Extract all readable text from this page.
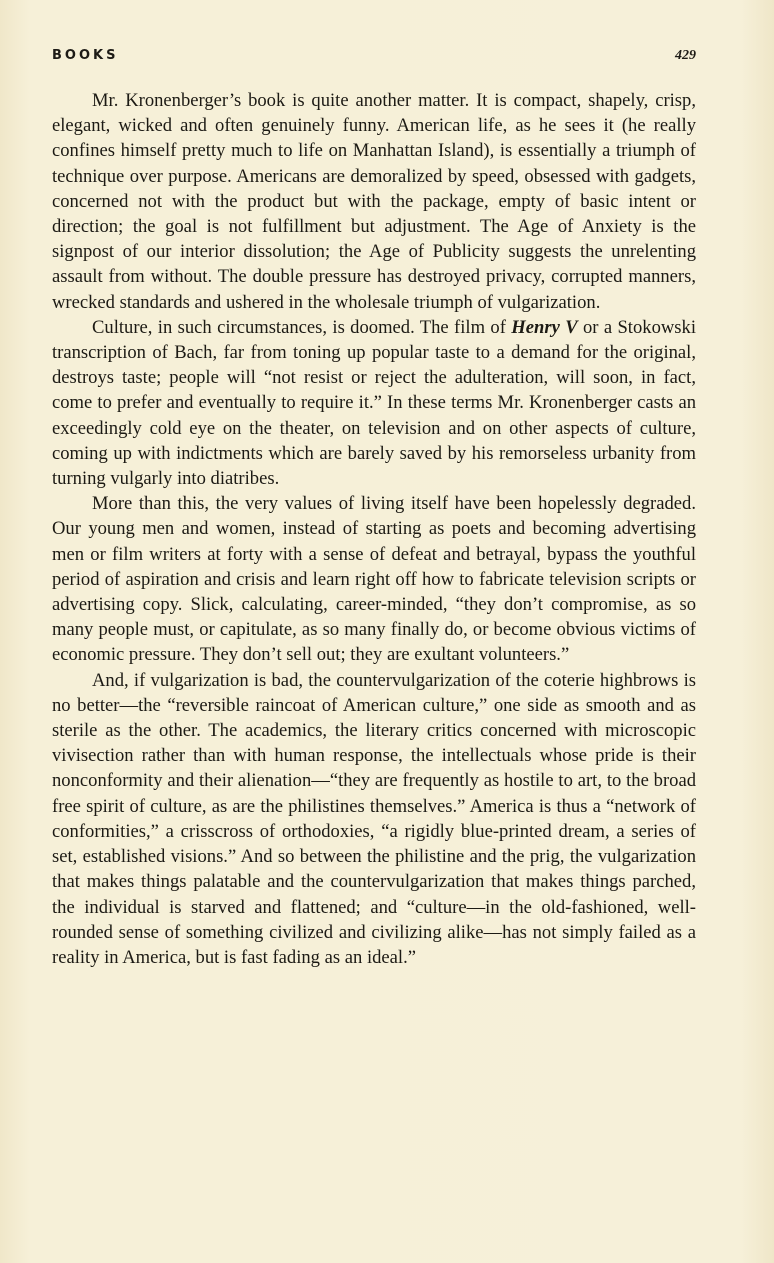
BOOKS	429

Mr. Kronenberger’s book is quite another matter. It is compact, shapely, crisp, elegant, wicked and often genuinely funny. American life, as he sees it (he really confines himself pretty much to life on Manhattan Island), is essentially a triumph of technique over purpose. Americans are demoralized by speed, obsessed with gadgets, concerned not with the product but with the package, empty of basic intent or direction; the goal is not fulfillment but adjustment. The Age of Anxiety is the signpost of our interior dissolution; the Age of Publicity suggests the unrelenting assault from without. The double pressure has destroyed privacy, corrupted manners, wrecked standards and ushered in the wholesale triumph of vulgarization.

Culture, in such circumstances, is doomed. The film of Henry V or a Stokowski transcription of Bach, far from toning up popular taste to a demand for the original, destroys taste; people will “not resist or reject the adulteration, will soon, in fact, come to prefer and eventually to require it.” In these terms Mr. Kronenberger casts an exceedingly cold eye on the theater, on television and on other aspects of culture, coming up with indictments which are barely saved by his remorseless urbanity from turning vulgarly into diatribes.

More than this, the very values of living itself have been hopelessly degraded. Our young men and women, instead of starting as poets and becoming advertising men or film writers at forty with a sense of defeat and betrayal, bypass the youthful period of aspiration and crisis and learn right off how to fabricate television scripts or advertising copy. Slick, calculating, career-minded, “they don’t compromise, as so many people must, or capitulate, as so many finally do, or become obvious victims of economic pressure. They don’t sell out; they are exultant volunteers.”

And, if vulgarization is bad, the countervulgarization of the coterie highbrows is no better—the “reversible raincoat of American culture,” one side as smooth and as sterile as the other. The academics, the literary critics concerned with microscopic vivisection rather than with human response, the intellectuals whose pride is their nonconformity and their alienation—“they are frequently as hostile to art, to the broad free spirit of culture, as are the philistines themselves.” America is thus a “network of conformities,” a crisscross of orthodoxies, “a rigidly blue-printed dream, a series of set, established visions.” And so between the philistine and the prig, the vulgarization that makes things palatable and the countervulgarization that makes things parched, the individual is starved and flattened; and “culture—in the old-fashioned, well-rounded sense of something civilized and civilizing alike—has not simply failed as a reality in America, but is fast fading as an ideal.”
